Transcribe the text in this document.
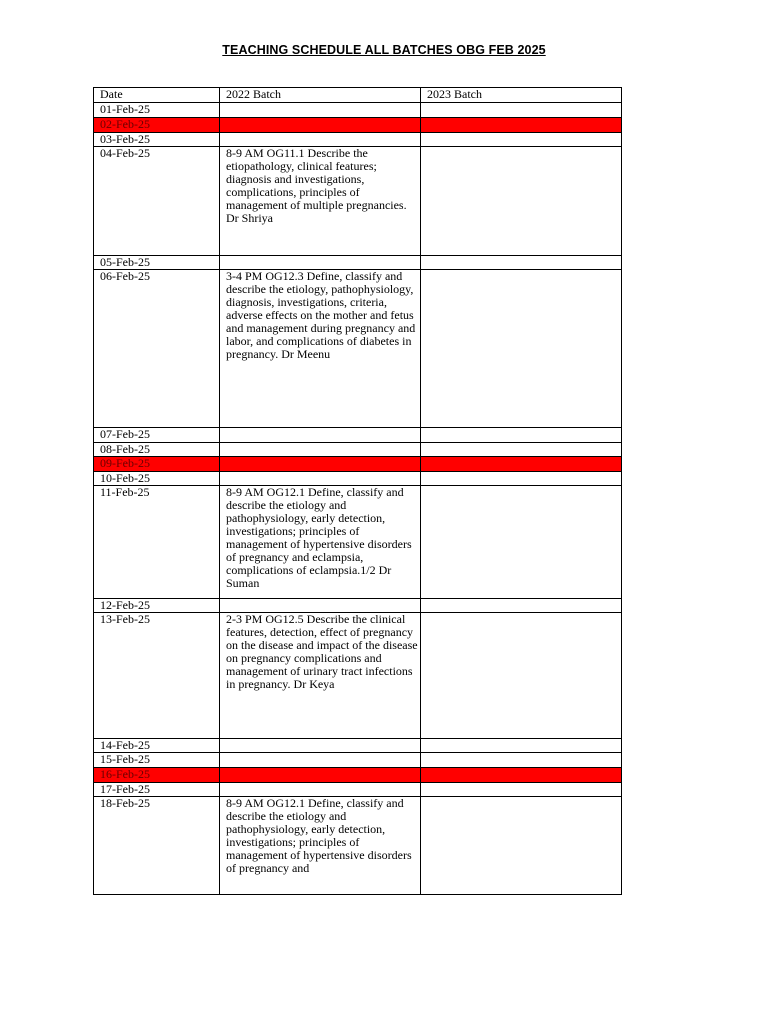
TEACHING SCHEDULE ALL BATCHES OBG FEB 2025
Date	2022 Batch	2023 Batch
01-Feb-25		
02-Feb-25		
03-Feb-25		
04-Feb-25	8-9 AM OG11.1 Describe the etiopathology, clinical features; diagnosis and investigations, complications, principles of management of multiple pregnancies. Dr Shriya	
05-Feb-25		
06-Feb-25	3-4 PM OG12.3 Define, classify and describe the etiology, pathophysiology, diagnosis, investigations, criteria, adverse effects on the mother and fetus and management during pregnancy and labor, and complications of diabetes in pregnancy. Dr Meenu	
07-Feb-25		
08-Feb-25		
09-Feb-25		
10-Feb-25		
11-Feb-25	8-9 AM OG12.1 Define, classify and describe the etiology and pathophysiology, early detection, investigations; principles of management of hypertensive disorders of pregnancy and eclampsia, complications of eclampsia.1/2 Dr Suman	
12-Feb-25		
13-Feb-25	2-3 PM OG12.5 Describe the clinical features, detection, effect of pregnancy on the disease and impact of the disease on pregnancy complications and management of urinary tract infections in pregnancy. Dr Keya	
14-Feb-25		
15-Feb-25		
16-Feb-25		
17-Feb-25		
18-Feb-25	8-9 AM OG12.1 Define, classify and describe the etiology and pathophysiology, early detection, investigations; principles of management of hypertensive disorders of pregnancy and	
